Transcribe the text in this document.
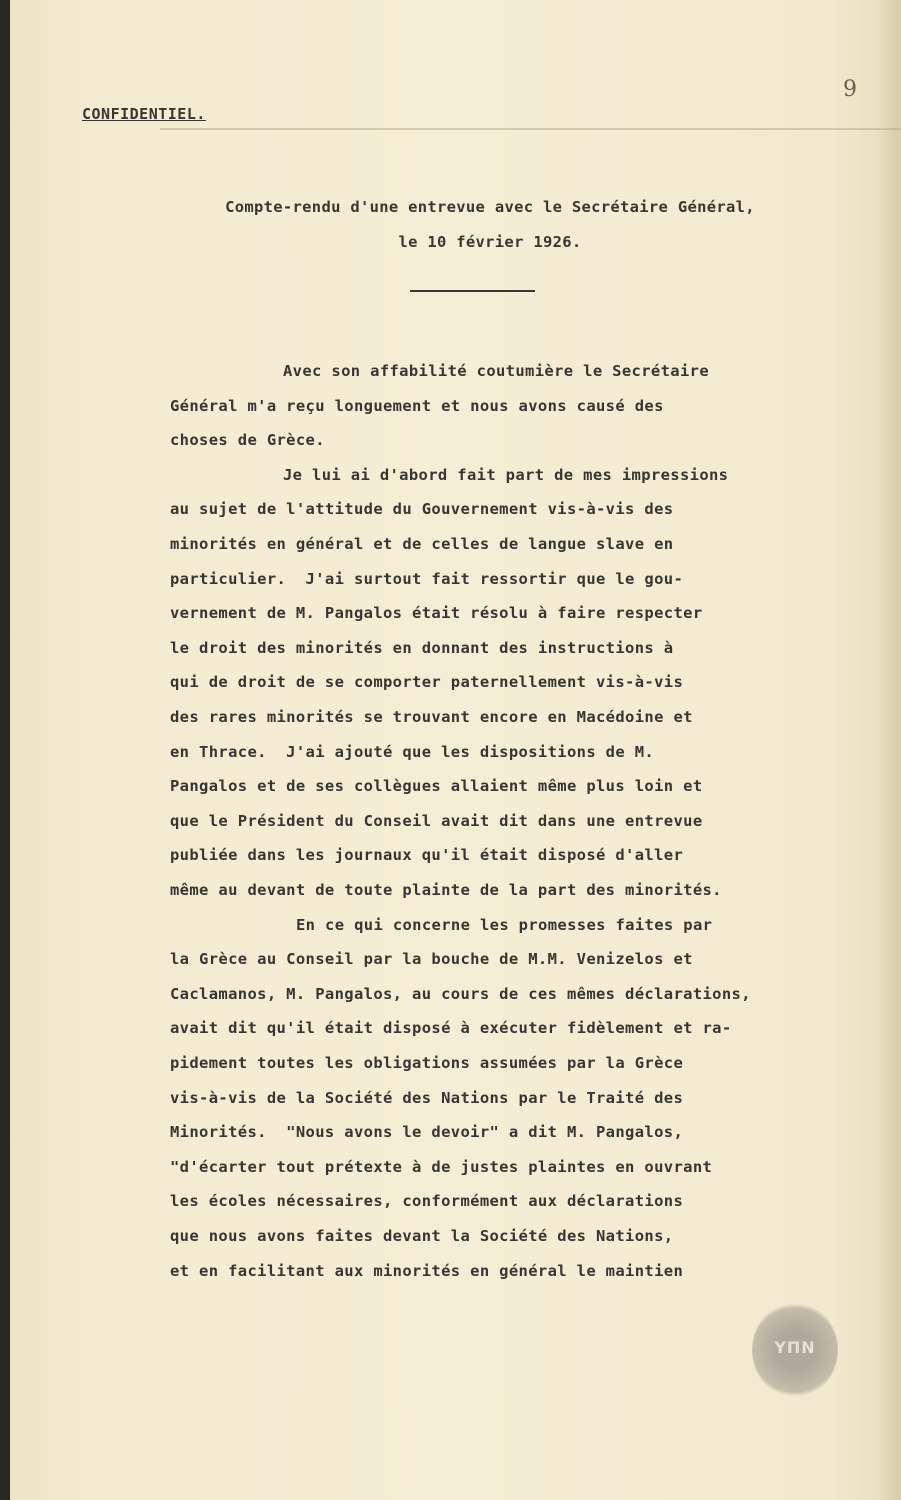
9
CONFIDENTIEL.
Compte-rendu d'une entrevue avec le Secrétaire Général,
le 10 février 1926.
Avec son affabilité coutumière le Secrétaire
Général m'a reçu longuement et nous avons causé des
choses de Grèce.
Je lui ai d'abord fait part de mes impressions
au sujet de l'attitude du Gouvernement vis-à-vis des
minorités en général et de celles de langue slave en
particulier.  J'ai surtout fait ressortir que le gou-
vernement de M. Pangalos était résolu à faire respecter
le droit des minorités en donnant des instructions à
qui de droit de se comporter paternellement vis-à-vis
des rares minorités se trouvant encore en Macédoine et
en Thrace.  J'ai ajouté que les dispositions de M.
Pangalos et de ses collègues allaient même plus loin et
que le Président du Conseil avait dit dans une entrevue
publiée dans les journaux qu'il était disposé d'aller
même au devant de toute plainte de la part des minorités.
En ce qui concerne les promesses faites par
la Grèce au Conseil par la bouche de M.M. Venizelos et
Caclamanos, M. Pangalos, au cours de ces mêmes déclarations,
avait dit qu'il était disposé à exécuter fidèlement et ra-
pidement toutes les obligations assumées par la Grèce
vis-à-vis de la Société des Nations par le Traité des
Minorités.  "Nous avons le devoir" a dit M. Pangalos,
"d'écarter tout prétexte à de justes plaintes en ouvrant
les écoles nécessaires, conformément aux déclarations
que nous avons faites devant la Société des Nations,
et en facilitant aux minorités en général le maintien
ΥΠΝ
